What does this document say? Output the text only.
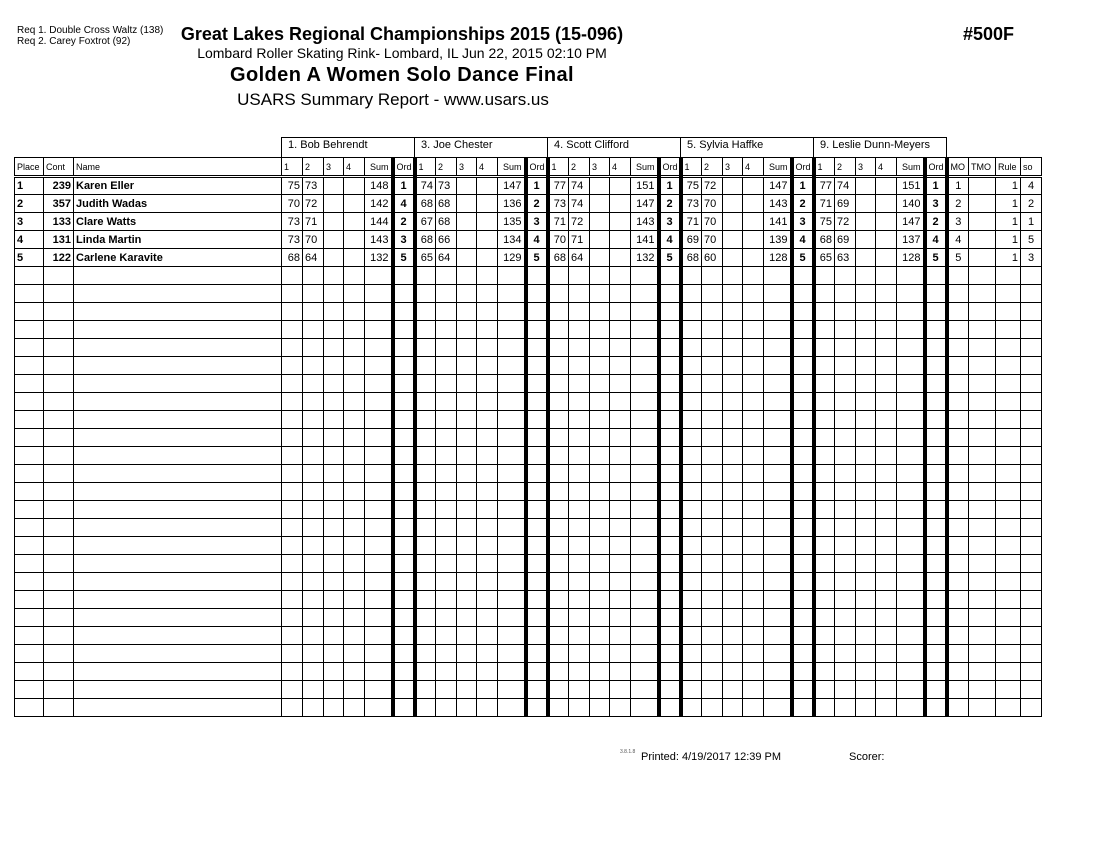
Req 1. Double Cross Waltz (138)
Req 2. Carey Foxtrot (92)	Great Lakes Regional Championships 2015 (15-096)
Lombard Roller Skating Rink- Lombard, IL Jun 22, 2015 02:10 PM
Golden A Women Solo Dance Final
USARS Summary Report - www.usars.us
#500F
1. Bob Behrendt	3. Joe Chester	4. Scott Clifford	5. Sylvia Haffke	9. Leslie Dunn-Meyers
Place	Cont	Name	1	2	3	4	Sum	Ord	1	2	3	4	Sum	Ord	1	2	3	4	Sum	Ord	1	2	3	4	Sum	Ord	1	2	3	4	Sum	Ord	MO	TMO	Rule	so
1	239	Karen Eller	75	73			148	1	74	73			147	1	77	74			151	1	75	72			147	1	77	74			151	1	1		1	4
2	357	Judith Wadas	70	72			142	4	68	68			136	2	73	74			147	2	73	70			143	2	71	69			140	3	2		1	2
3	133	Clare Watts	73	71			144	2	67	68			135	3	71	72			143	3	71	70			141	3	75	72			147	2	3		1	1
4	131	Linda Martin	73	70			143	3	68	66			134	4	70	71			141	4	69	70			139	4	68	69			137	4	4		1	5
5	122	Carlene Karavite	68	64			132	5	65	64			129	5	68	64			132	5	68	60			128	5	65	63			128	5	5		1	3

3.8.1.8 Printed: 4/19/2017 12:39 PM	Scorer:
